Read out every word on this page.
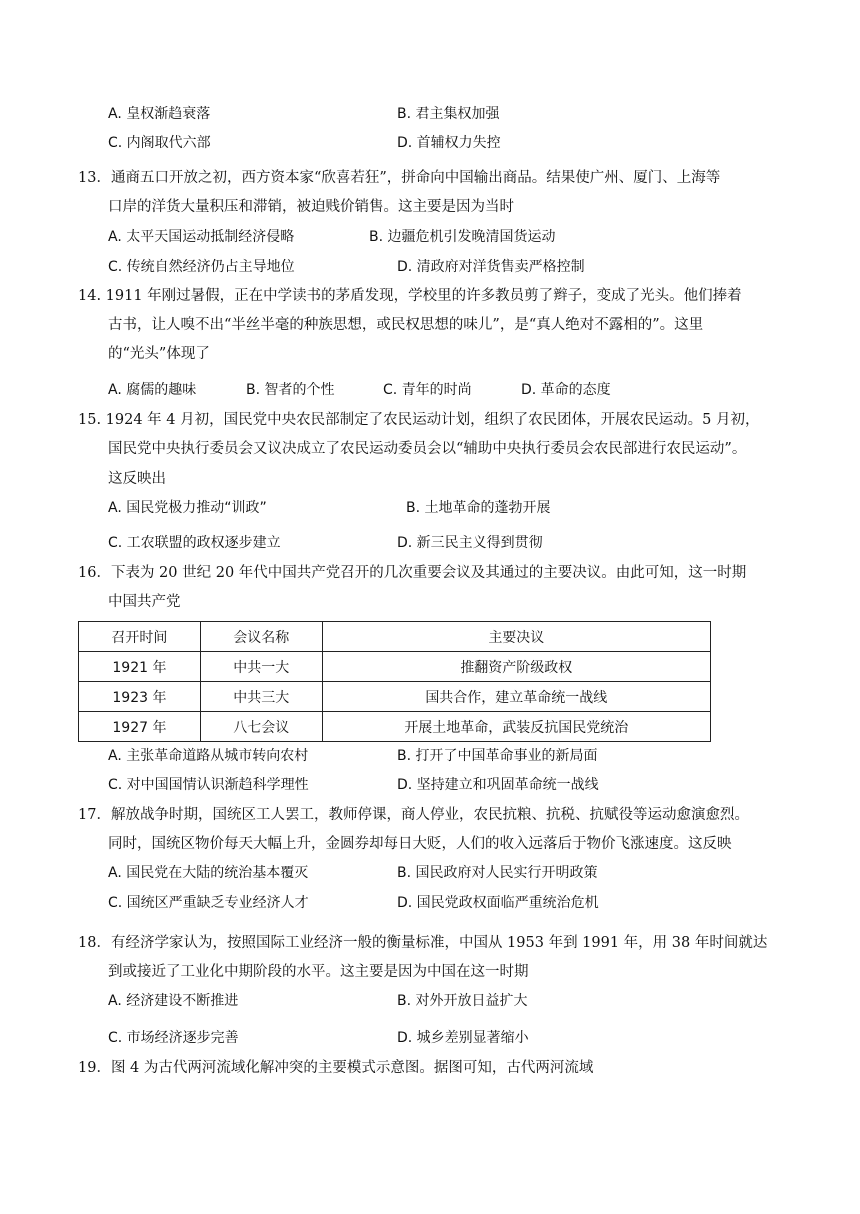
A. 皇权渐趋衰落	B. 君主集权加强
C. 内阁取代六部	D. 首辅权力失控
13．通商五口开放之初，西方资本家“欣喜若狂”，拼命向中国输出商品。结果使广州、厦门、上海等
口岸的洋货大量积压和滞销，被迫贱价销售。这主要是因为当时
A. 太平天国运动抵制经济侵略	B. 边疆危机引发晚清国货运动
C. 传统自然经济仍占主导地位	D. 清政府对洋货售卖严格控制
14. 1911 年刚过暑假，正在中学读书的茅盾发现，学校里的许多教员剪了辫子，变成了光头。他们捧着
古书，让人嗅不出“半丝半毫的种族思想，或民权思想的味儿”，是“真人绝对不露相的”。这里
的“光头”体现了
A. 腐儒的趣味	B. 智者的个性	C. 青年的时尚	D. 革命的态度
15. 1924 年 4 月初，国民党中央农民部制定了农民运动计划，组织了农民团体，开展农民运动。5 月初，
国民党中央执行委员会又议决成立了农民运动委员会以“辅助中央执行委员会农民部进行农民运动”。
这反映出
A. 国民党极力推动“训政”	B. 土地革命的蓬勃开展
C. 工农联盟的政权逐步建立	D. 新三民主义得到贯彻
16．下表为 20 世纪 20 年代中国共产党召开的几次重要会议及其通过的主要决议。由此可知，这一时期
中国共产党
召开时间	会议名称	主要决议
1921 年	中共一大	推翻资产阶级政权
1923 年	中共三大	国共合作，建立革命统一战线
1927 年	八七会议	开展土地革命，武装反抗国民党统治
A. 主张革命道路从城市转向农村	B. 打开了中国革命事业的新局面
C. 对中国国情认识渐趋科学理性	D. 坚持建立和巩固革命统一战线
17．解放战争时期，国统区工人罢工，教师停课，商人停业，农民抗粮、抗税、抗赋役等运动愈演愈烈。
同时，国统区物价每天大幅上升，金圆券却每日大贬，人们的收入远落后于物价飞涨速度。这反映
A. 国民党在大陆的统治基本覆灭	B. 国民政府对人民实行开明政策
C. 国统区严重缺乏专业经济人才	D. 国民党政权面临严重统治危机
18．有经济学家认为，按照国际工业经济一般的衡量标准，中国从 1953 年到 1991 年，用 38 年时间就达
到或接近了工业化中期阶段的水平。这主要是因为中国在这一时期
A. 经济建设不断推进	B. 对外开放日益扩大
C. 市场经济逐步完善	D. 城乡差别显著缩小
19．图 4 为古代两河流域化解冲突的主要模式示意图。据图可知，古代两河流域
